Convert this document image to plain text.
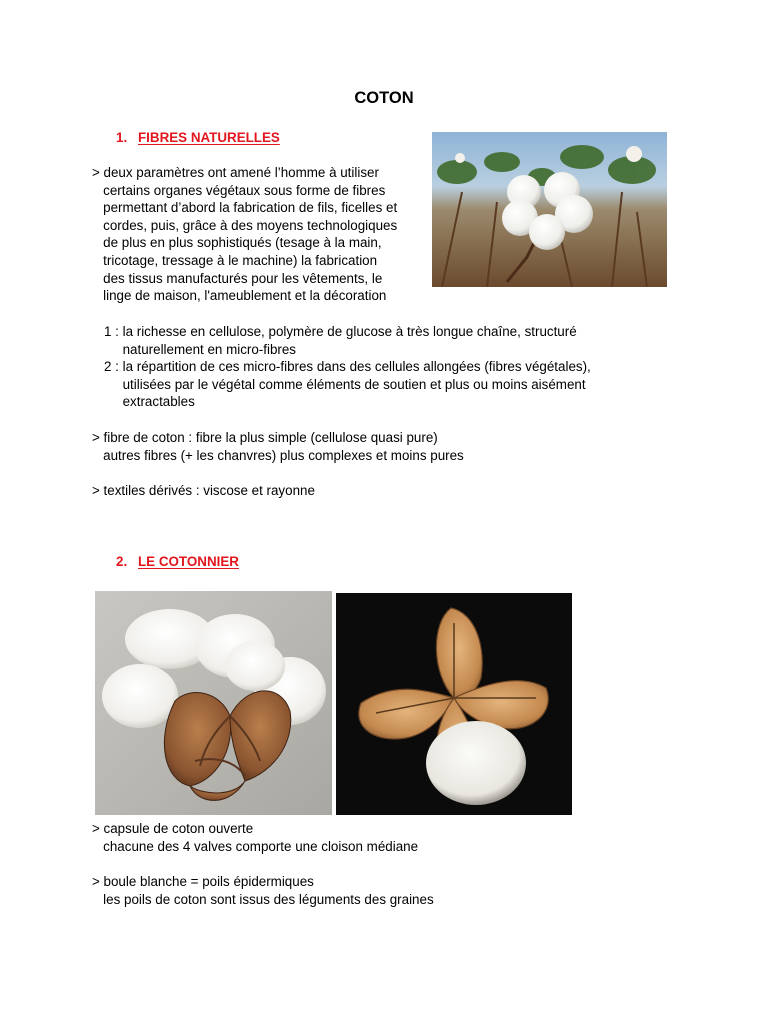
COTON
1. FIBRES NATURELLES
> deux paramètres ont amené l’homme à utiliser
certains organes végétaux sous forme de fibres
permettant d’abord la fabrication de fils, ficelles et
cordes, puis, grâce à des moyens technologiques
de plus en plus sophistiqués (tesage à la main,
tricotage, tressage à le machine) la fabrication
des tissus manufacturés pour les vêtements, le
linge de maison, l'ameublement et la décoration
1 : la richesse en cellulose, polymère de glucose à très longue chaîne, structuré
naturellement en micro-fibres
2 : la répartition de ces micro-fibres dans des cellules allongées (fibres végétales),
utilisées par le végétal comme éléments de soutien et plus ou moins aisément
extractables
> fibre de coton : fibre la plus simple (cellulose quasi pure)
autres fibres (+ les chanvres) plus complexes et moins pures
> textiles dérivés : viscose et rayonne
2. LE COTONNIER
> capsule de coton ouverte
chacune des 4 valves comporte une cloison médiane
> boule blanche = poils épidermiques
les poils de coton sont issus des léguments des graines
